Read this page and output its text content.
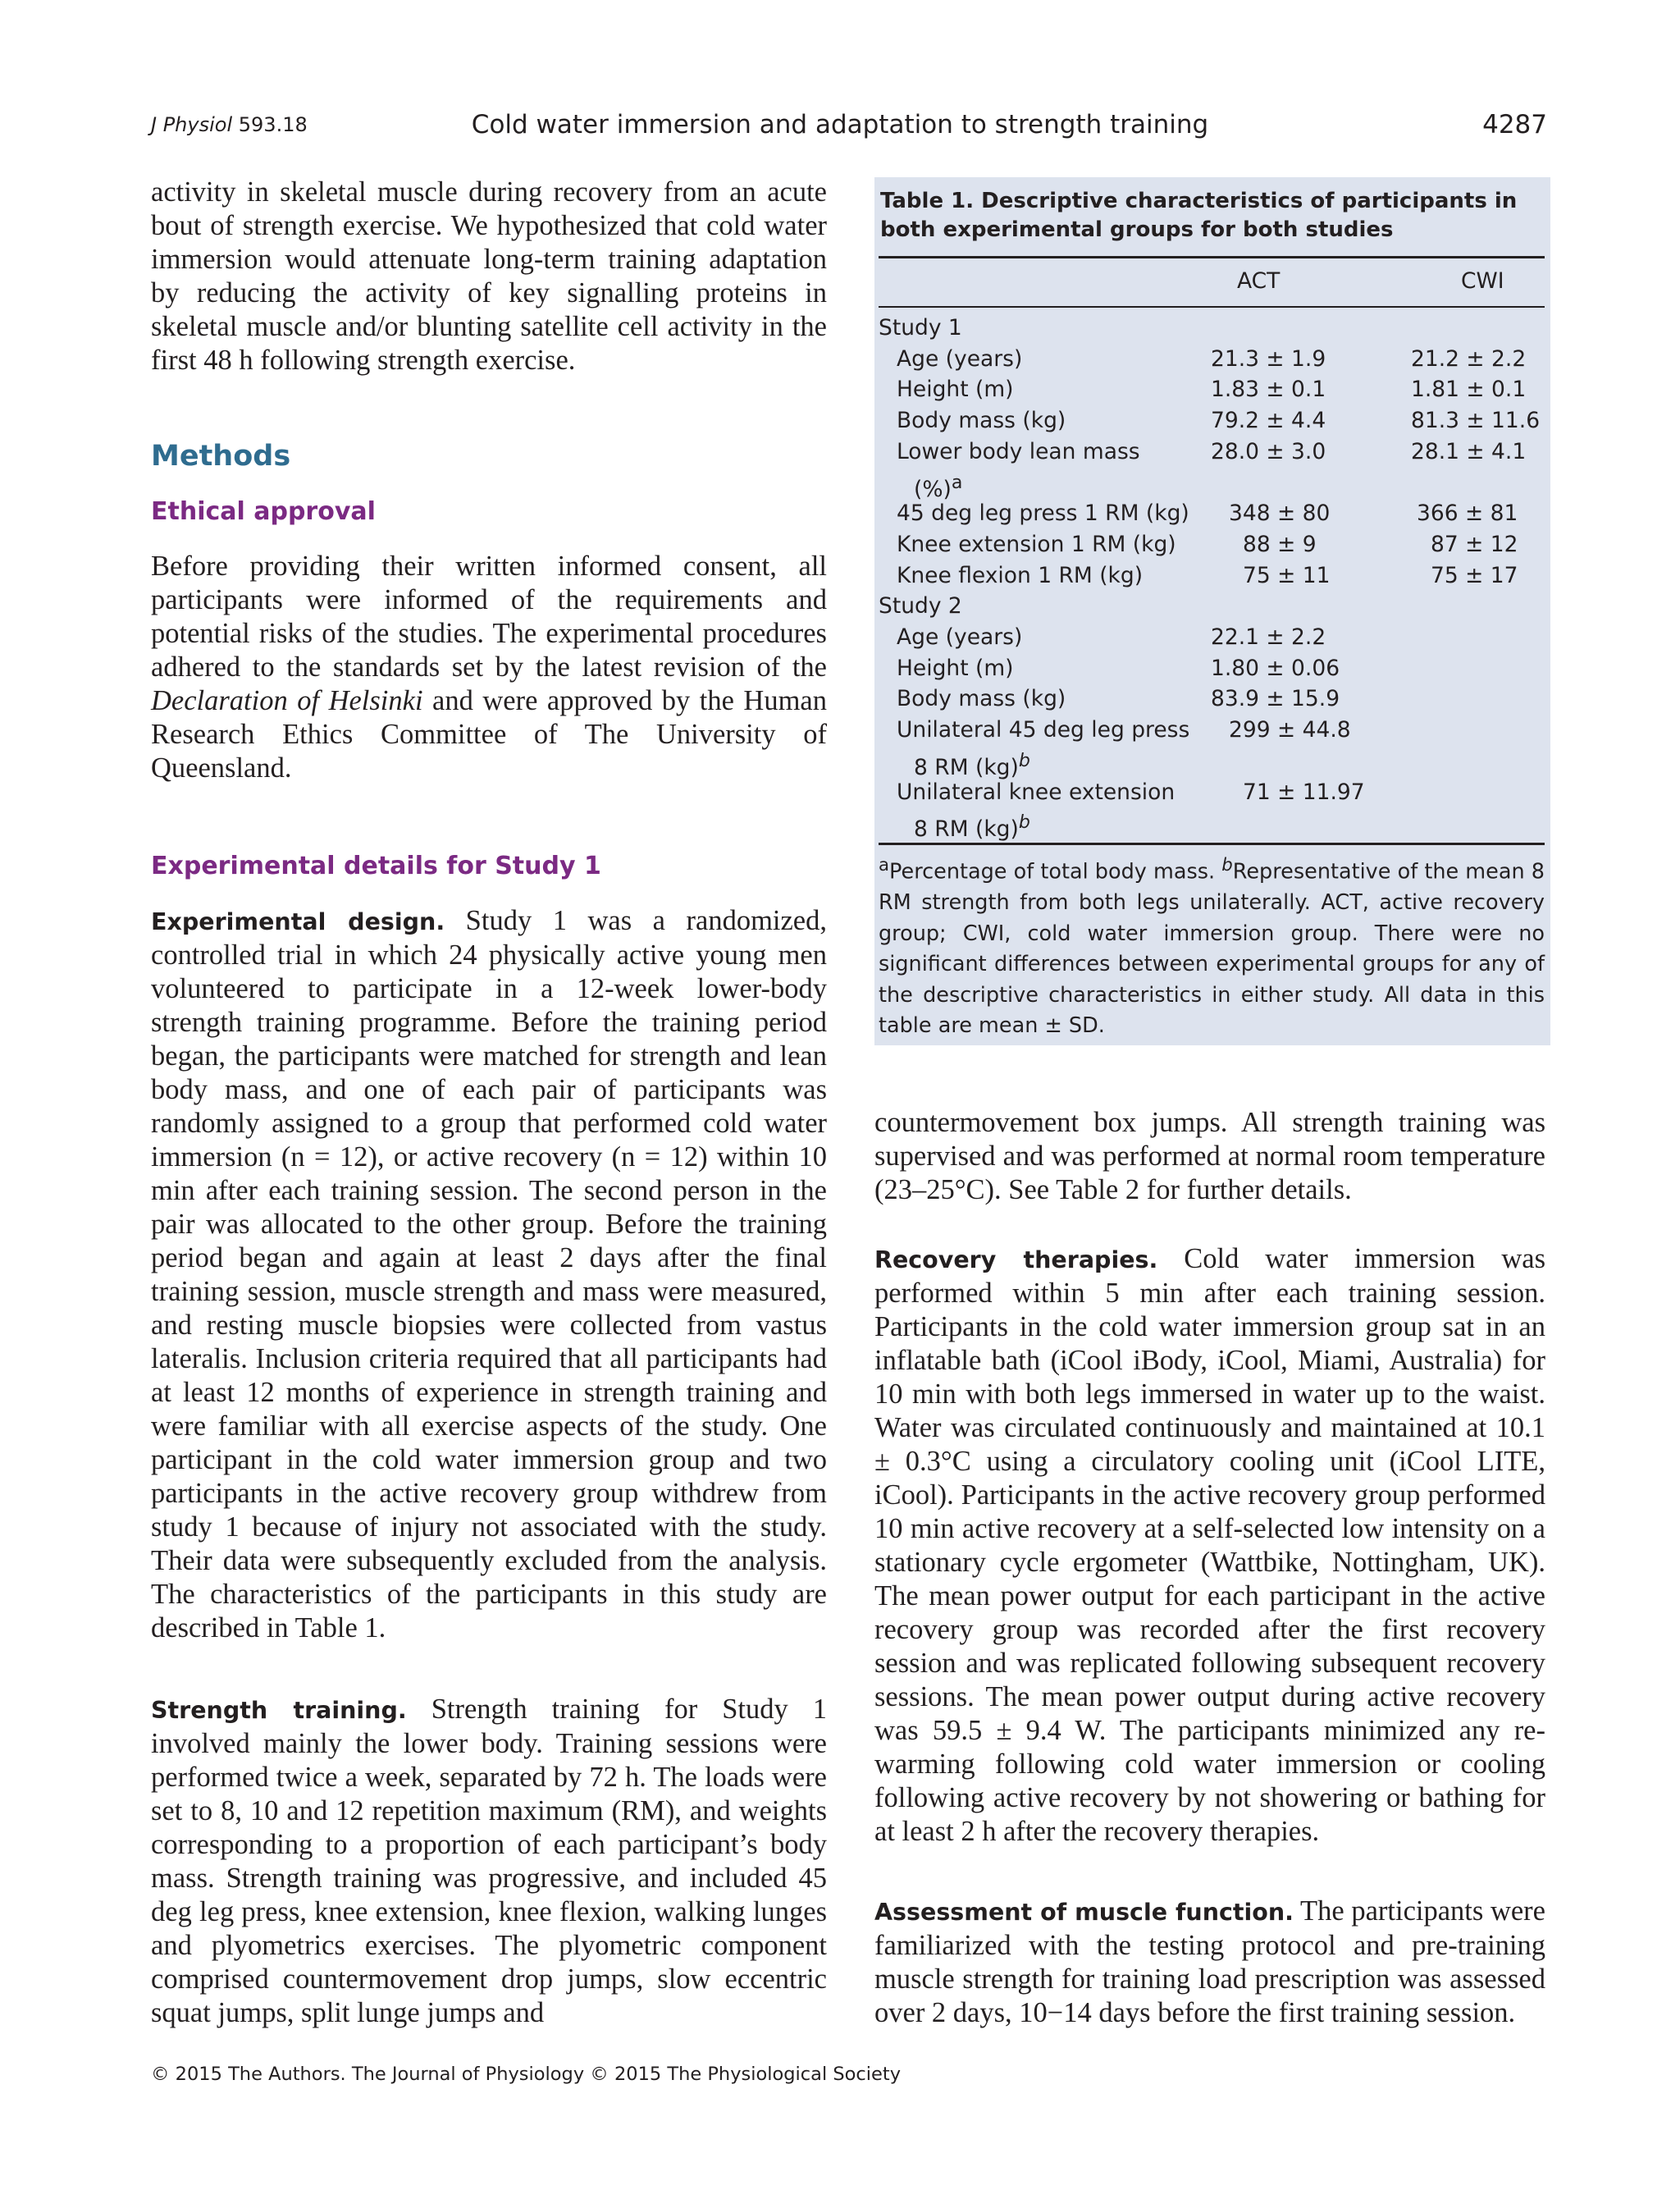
J Physiol 593.18	Cold water immersion and adaptation to strength training	4287

activity in skeletal muscle during recovery from an acute bout of strength exercise. We hypothesized that cold water immersion would attenuate long-term training adaptation by reducing the activity of key signalling proteins in skeletal muscle and/or blunting satellite cell activity in the first 48 h following strength exercise.

Methods
Ethical approval

Before providing their written informed consent, all participants were informed of the requirements and potential risks of the studies. The experimental procedures adhered to the standards set by the latest revision of the Declaration of Helsinki and were approved by the Human Research Ethics Committee of The University of Queensland.

Experimental details for Study 1

Experimental design. Study 1 was a randomized, controlled trial in which 24 physically active young men volunteered to participate in a 12-week lower-body strength training programme. Before the training period began, the participants were matched for strength and lean body mass, and one of each pair of participants was randomly assigned to a group that performed cold water immersion (n = 12), or active recovery (n = 12) within 10 min after each training session. The second person in the pair was allocated to the other group. Before the training period began and again at least 2 days after the final training session, muscle strength and mass were measured, and resting muscle biopsies were collected from vastus lateralis. Inclusion criteria required that all participants had at least 12 months of experience in strength training and were familiar with all exercise aspects of the study. One participant in the cold water immersion group and two participants in the active recovery group withdrew from study 1 because of injury not associated with the study. Their data were subsequently excluded from the analysis. The characteristics of the participants in this study are described in Table 1.

Strength training. Strength training for Study 1 involved mainly the lower body. Training sessions were performed twice a week, separated by 72 h. The loads were set to 8, 10 and 12 repetition maximum (RM), and weights corresponding to a proportion of each participant’s body mass. Strength training was progressive, and included 45 deg leg press, knee extension, knee flexion, walking lunges and plyometrics exercises. The plyometric component comprised countermovement drop jumps, slow eccentric squat jumps, split lunge jumps and

Table 1. Descriptive characteristics of participants in both experimental groups for both studies
ACT	CWI

$^a$Percentage of total body mass. $^b$Representative of the mean 8 RM strength from both legs unilaterally. ACT, active recovery group; CWI, cold water immersion group. There were no significant differences between experimental groups for any of the descriptive characteristics in either study. All data in this table are mean ± SD.

countermovement box jumps. All strength training was supervised and was performed at normal room temperature (23–25°C). See Table 2 for further details.

Recovery therapies. Cold water immersion was performed within 5 min after each training session. Participants in the cold water immersion group sat in an inflatable bath (iCool iBody, iCool, Miami, Australia) for 10 min with both legs immersed in water up to the waist. Water was circulated continuously and maintained at 10.1 ± 0.3°C using a circulatory cooling unit (iCool LITE, iCool). Participants in the active recovery group performed 10 min active recovery at a self-selected low intensity on a stationary cycle ergometer (Wattbike, Nottingham, UK). The mean power output for each participant in the active recovery group was recorded after the first recovery session and was replicated following subsequent recovery sessions. The mean power output during active recovery was 59.5 ± 9.4 W. The participants minimized any re-warming following cold water immersion or cooling following active recovery by not showering or bathing for at least 2 h after the recovery therapies.

Assessment of muscle function. The participants were familiarized with the testing protocol and pre-training muscle strength for training load prescription was assessed over 2 days, 10−14 days before the first training session.

© 2015 The Authors. The Journal of Physiology © 2015 The Physiological Society
Study 1
Age (years)	21.3 ± 1.9	21.2 ± 2.2
Height (m)	1.83 ± 0.1	1.81 ± 0.1
Body mass (kg)	79.2 ± 4.4	81.3 ± 11.6
Lower body lean mass	28.0 ± 3.0	28.1 ± 4.1
(%)$^a$
45 deg leg press 1 RM (kg) 348 ± 80	366 ± 81
Knee extension 1 RM (kg)	88 ± 9	87 ± 12
Knee flexion 1 RM (kg)	75 ± 11	75 ± 17
Study 2
Age (years)	22.1 ± 2.2
Height (m)	1.80 ± 0.06
Body mass (kg)	83.9 ± 15.9
Unilateral 45 deg leg press 299 ± 44.8
8 RM (kg)$^b$
Unilateral knee extension	71 ± 11.97
8 RM (kg)$^b$
